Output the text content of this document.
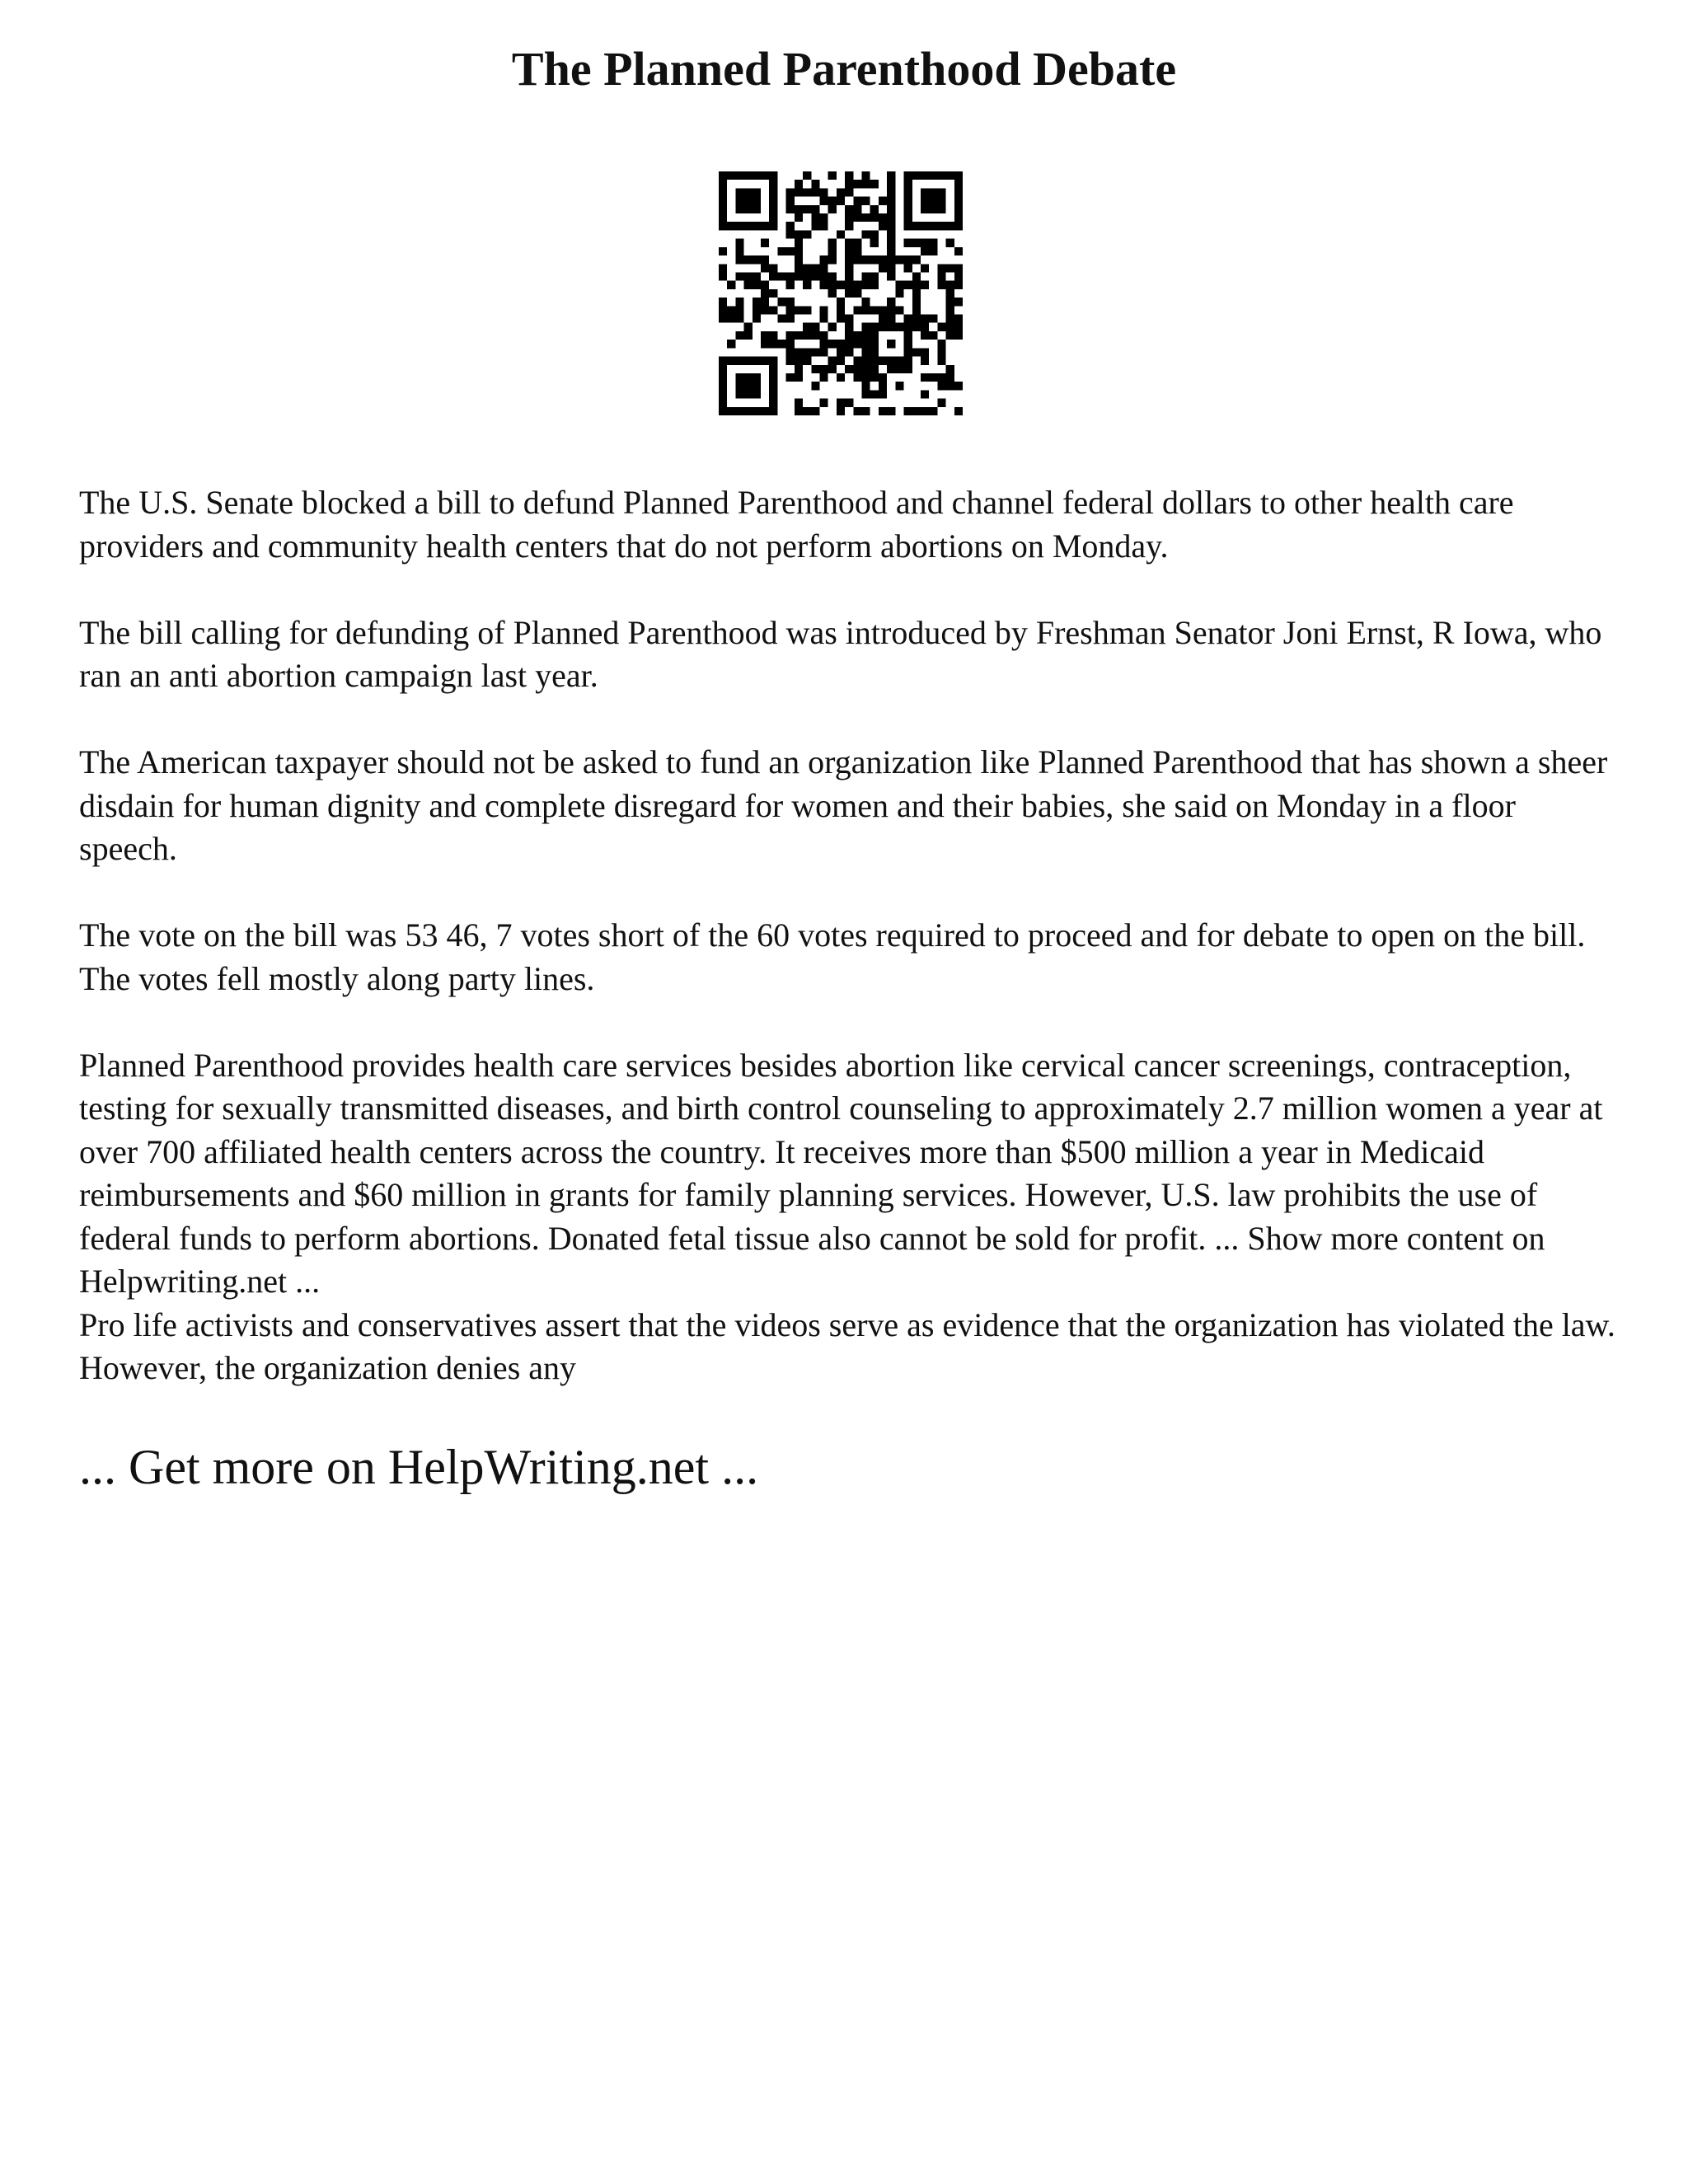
The Planned Parenthood Debate

The U.S. Senate blocked a bill to defund Planned Parenthood and channel federal dollars to other health care providers and community health centers that do not perform abortions on Monday.

The bill calling for defunding of Planned Parenthood was introduced by Freshman Senator Joni Ernst, R Iowa, who ran an anti abortion campaign last year.

The American taxpayer should not be asked to fund an organization like Planned Parenthood that has shown a sheer disdain for human dignity and complete disregard for women and their babies, she said on Monday in a floor speech.

The vote on the bill was 53 46, 7 votes short of the 60 votes required to proceed and for debate to open on the bill. The votes fell mostly along party lines.

Planned Parenthood provides health care services besides abortion like cervical cancer screenings, contraception, testing for sexually transmitted diseases, and birth control counseling to approximately 2.7 million women a year at over 700 affiliated health centers across the country. It receives more than $500 million a year in Medicaid reimbursements and $60 million in grants for family planning services. However, U.S. law prohibits the use of federal funds to perform abortions. Donated fetal tissue also cannot be sold for profit. ... Show more content on Helpwriting.net ...

Pro life activists and conservatives assert that the videos serve as evidence that the organization has violated the law. However, the organization denies any

... Get more on HelpWriting.net ...
